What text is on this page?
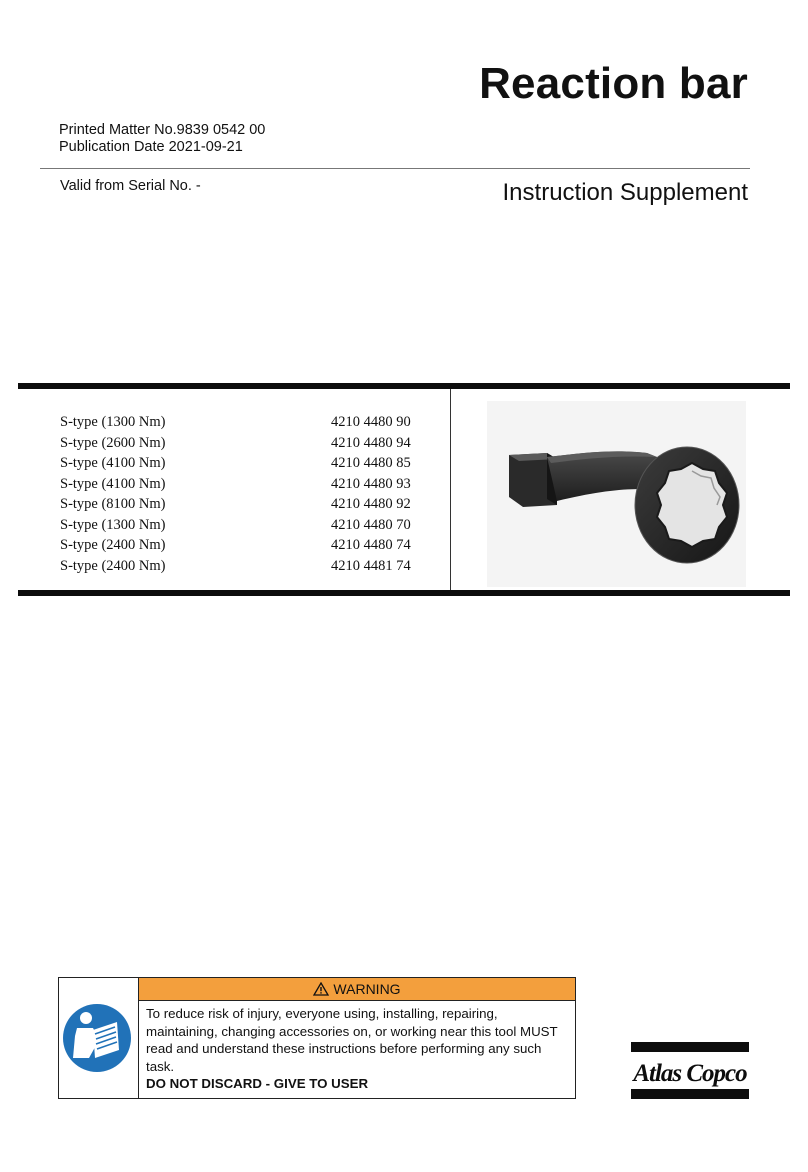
Reaction bar
Printed Matter No.9839 0542 00
Publication Date 2021-09-21
Valid from Serial No. -	Instruction Supplement
S-type (1300 Nm)	4210 4480 90
S-type (2600 Nm)	4210 4480 94
S-type (4100 Nm)	4210 4480 85
S-type (4100 Nm)	4210 4480 93
S-type (8100 Nm)	4210 4480 92
S-type (1300 Nm)	4210 4480 70
S-type (2400 Nm)	4210 4480 74
S-type (2400 Nm)	4210 4481 74
WARNING
To reduce risk of injury, everyone using, installing, repairing, maintaining, changing accessories on, or working near this tool MUST read and understand these instructions before performing any such task.
DO NOT DISCARD - GIVE TO USER	Atlas Copco
